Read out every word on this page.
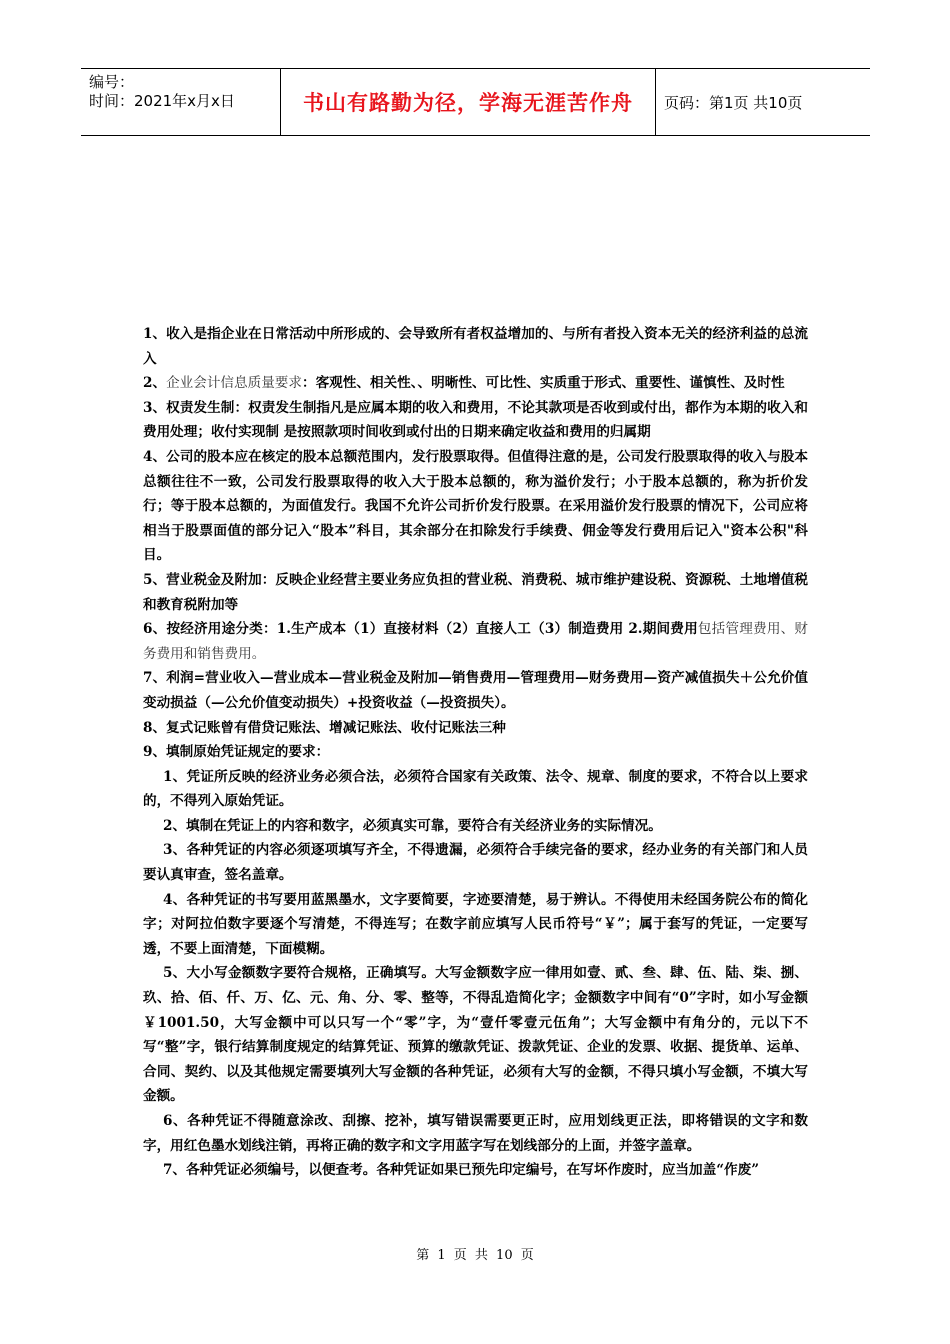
编号：
时间：2021年x月x日	书山有路勤为径，学海无涯苦作舟 页码：第1页 共10页

1、收入是指企业在日常活动中所形成的、会导致所有者权益增加的、与所有者投入资本无关的经济利益的总流入

2、企业会计信息质量要求：客观性、相关性、、明晰性、可比性、实质重于形式、重要性、谨慎性、及时性

3、权责发生制：权责发生制指凡是应属本期的收入和费用，不论其款项是否收到或付出，都作为本期的收入和费用处理；收付实现制 是按照款项时间收到或付出的日期来确定收益和费用的归属期

4、公司的股本应在核定的股本总额范围内，发行股票取得。但值得注意的是，公司发行股票取得的收入与股本总额往往不一致，公司发行股票取得的收入大于股本总额的，称为溢价发行；小于股本总额的，称为折价发行；等于股本总额的，为面值发行。我国不允许公司折价发行股票。在采用溢价发行股票的情况下，公司应将相当于股票面值的部分记入“股本”科目，其余部分在扣除发行手续费、佣金等发行费用后记入"资本公积"科目。

5、营业税金及附加：反映企业经营主要业务应负担的营业税、消费税、城市维护建设税、资源税、土地增值税和教育税附加等

6、按经济用途分类：1.生产成本（1）直接材料（2）直接人工（3）制造费用 2.期间费用包括管理费用、财务费用和销售费用。

7、利润=营业收入—营业成本—营业税金及附加—销售费用—管理费用—财务费用—资产减值损失＋公允价值变动损益（—公允价值变动损失）+投资收益（—投资损失）。

8、复式记账曾有借贷记账法、增减记账法、收付记账法三种

9、填制原始凭证规定的要求：

1、凭证所反映的经济业务必须合法，必须符合国家有关政策、法令、规章、制度的要求，不符合以上要求的，不得列入原始凭证。

2、填制在凭证上的内容和数字，必须真实可靠，要符合有关经济业务的实际情况。

3、各种凭证的内容必须逐项填写齐全，不得遗漏，必须符合手续完备的要求，经办业务的有关部门和人员要认真审查，签名盖章。

4、各种凭证的书写要用蓝黑墨水，文字要简要，字迹要清楚，易于辨认。不得使用未经国务院公布的简化字；对阿拉伯数字要逐个写清楚，不得连写；在数字前应填写人民币符号“￥”；属于套写的凭证，一定要写透，不要上面清楚，下面模糊。

5、大小写金额数字要符合规格，正确填写。大写金额数字应一律用如壹、贰、叁、肆、伍、陆、柒、捌、玖、拾、佰、仟、万、亿、元、角、分、零、整等，不得乱造简化字；金额数字中间有“0”字时，如小写金额￥1001.50，大写金额中可以只写一个“零”字，为“壹仟零壹元伍角”；大写金额中有角分的，元以下不写“整”字，银行结算制度规定的结算凭证、预算的缴款凭证、拨款凭证、企业的发票、收据、提货单、运单、合同、契约、以及其他规定需要填列大写金额的各种凭证，必须有大写的金额，不得只填小写金额，不填大写金额。

6、各种凭证不得随意涂改、刮擦、挖补，填写错误需要更正时，应用划线更正法，即将错误的文字和数字，用红色墨水划线注销，再将正确的数字和文字用蓝字写在划线部分的上面，并签字盖章。

7、各种凭证必须编号，以便查考。各种凭证如果已预先印定编号，在写坏作废时，应当加盖“作废”

第 1 页 共 10 页
